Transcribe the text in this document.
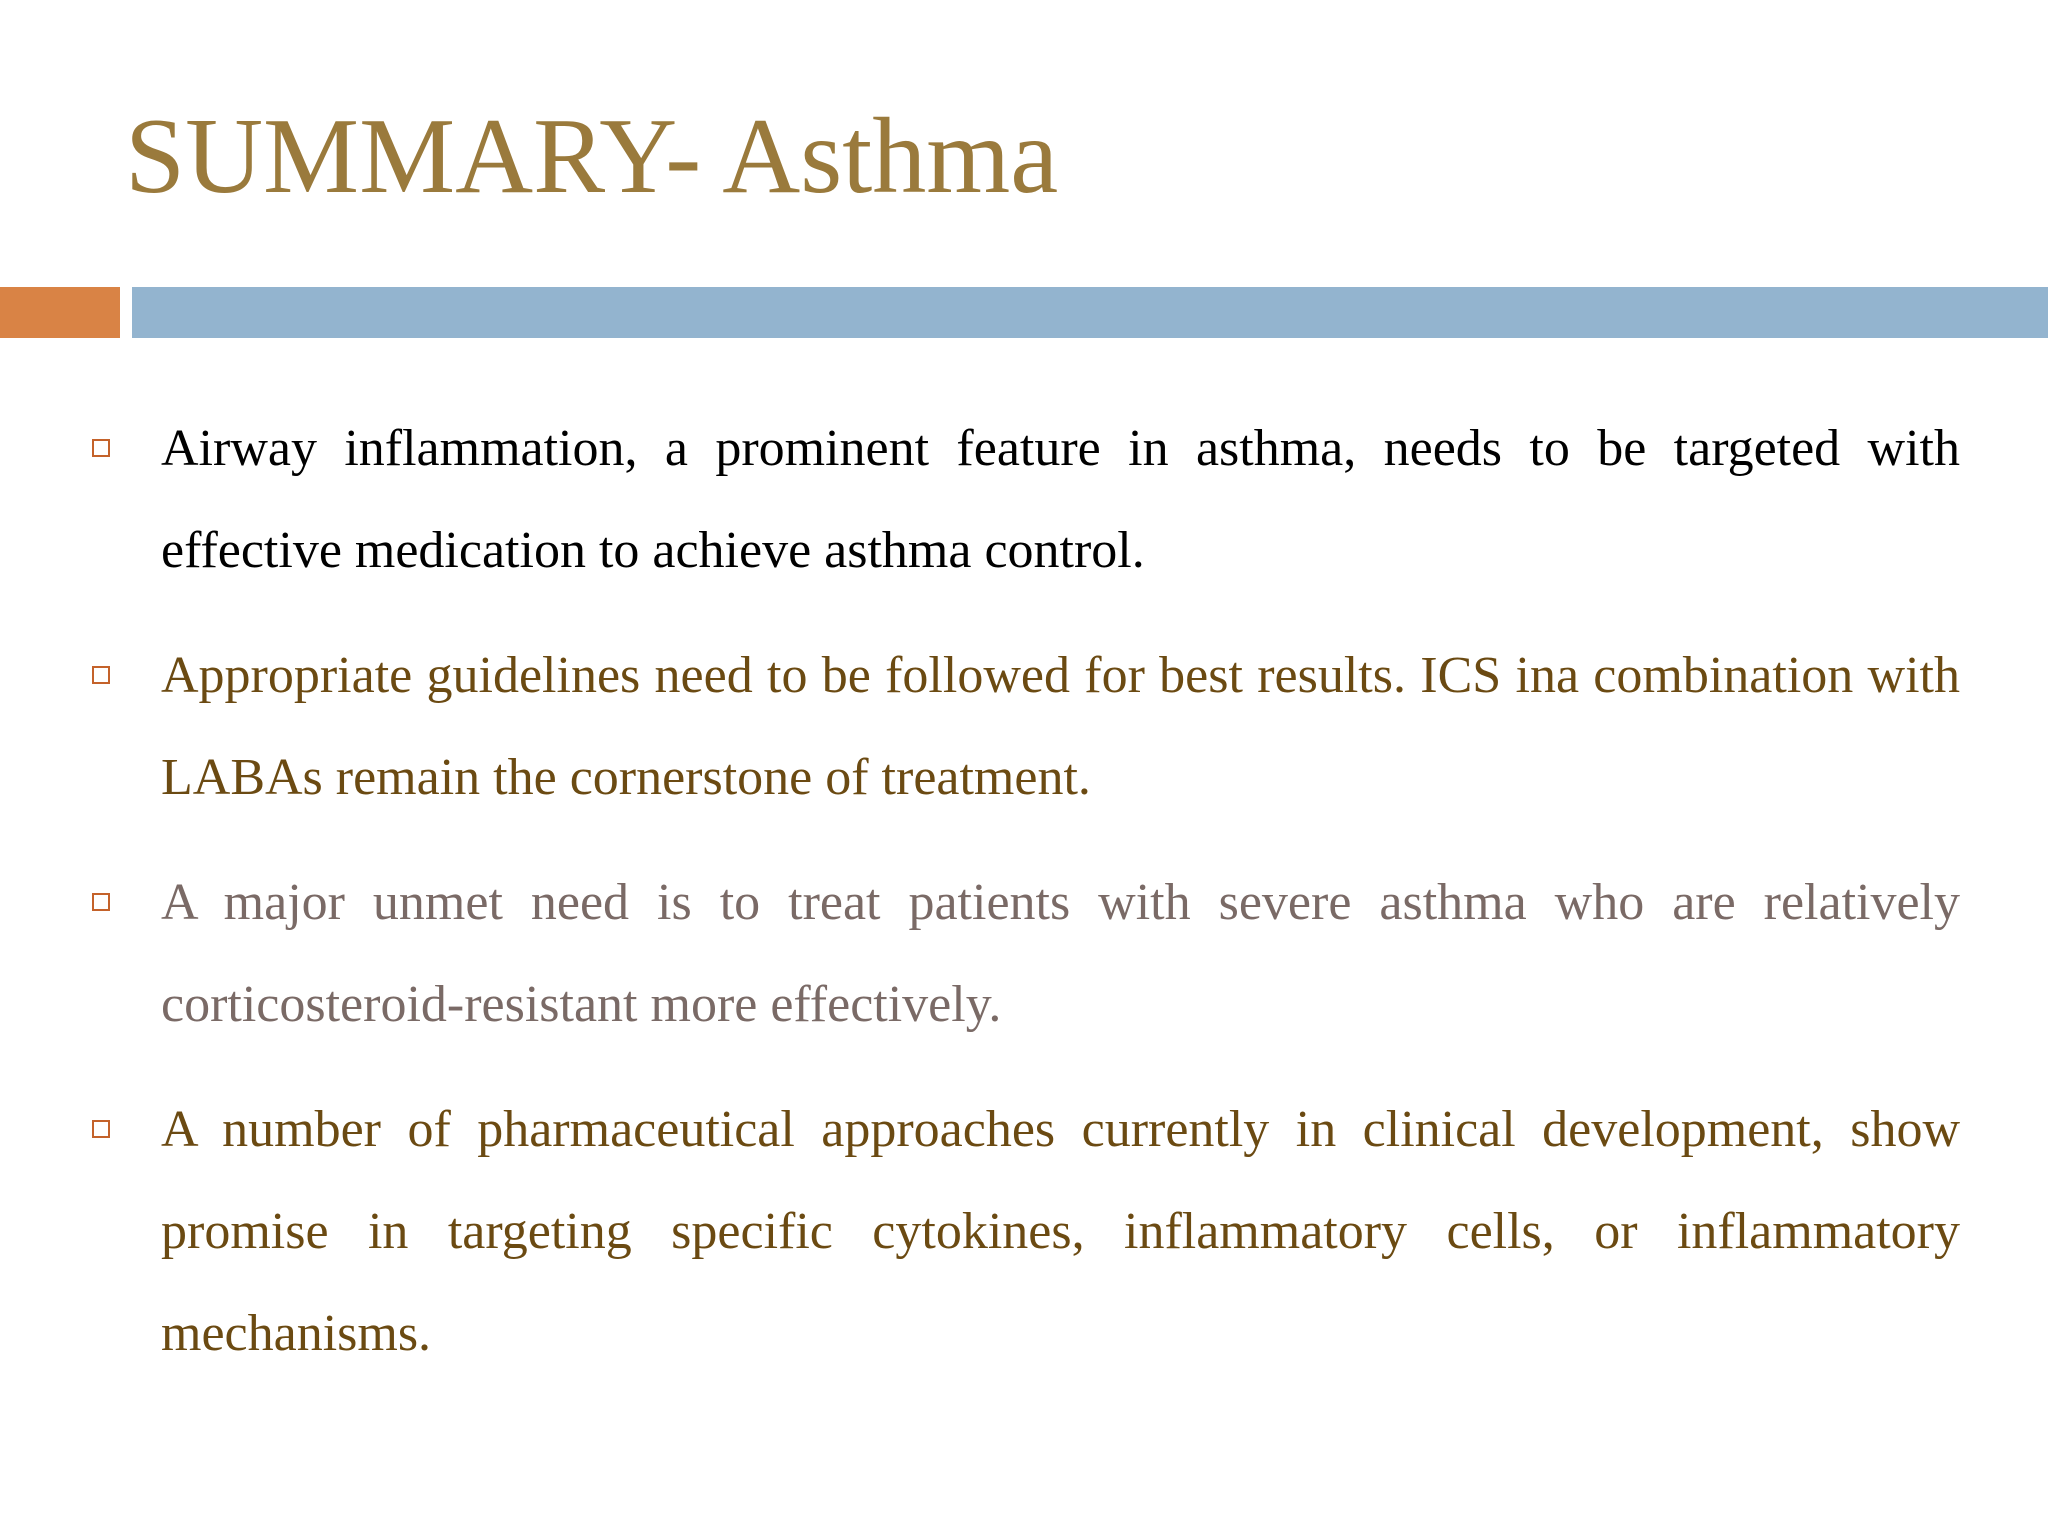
SUMMARY- Asthma
Airway inflammation, a prominent feature in asthma, needs to be targeted with effective medication to achieve asthma control.
Appropriate guidelines need to be followed for best results. ICS ina combination with LABAs remain the cornerstone of treatment.
A major unmet need is to treat patients with severe asthma who are relatively corticosteroid-resistant more effectively.
A number of pharmaceutical approaches currently in clinical development, show promise in targeting specific cytokines, inflammatory cells, or inflammatory mechanisms.
